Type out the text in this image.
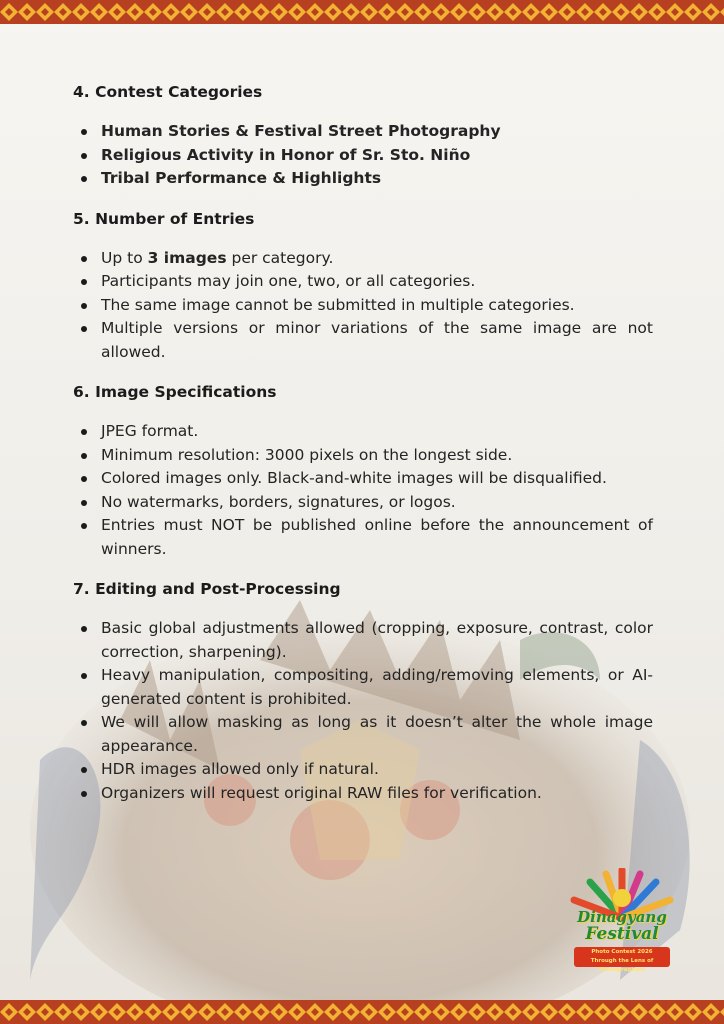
4. Contest Categories
Human Stories & Festival Street Photography
Religious Activity in Honor of Sr. Sto. Niño
Tribal Performance & Highlights
5. Number of Entries
Up to 3 images per category.
Participants may join one, two, or all categories.
The same image cannot be submitted in multiple categories.
Multiple versions or minor variations of the same image are not allowed.
6. Image Specifications
JPEG format.
Minimum resolution: 3000 pixels on the longest side.
Colored images only. Black-and-white images will be disqualified.
No watermarks, borders, signatures, or logos.
Entries must NOT be published online before the announcement of winners.
7. Editing and Post-Processing
Basic global adjustments allowed (cropping, exposure, contrast, color correction, sharpening).
Heavy manipulation, compositing, adding/removing elements, or AI-generated content is prohibited.
We will allow masking as long as it doesn’t alter the whole image appearance.
HDR images allowed only if natural.
Organizers will request original RAW files for verification.
Dinagyang
Festival
Photo Contest 2026
Through the Lens of Photographers
